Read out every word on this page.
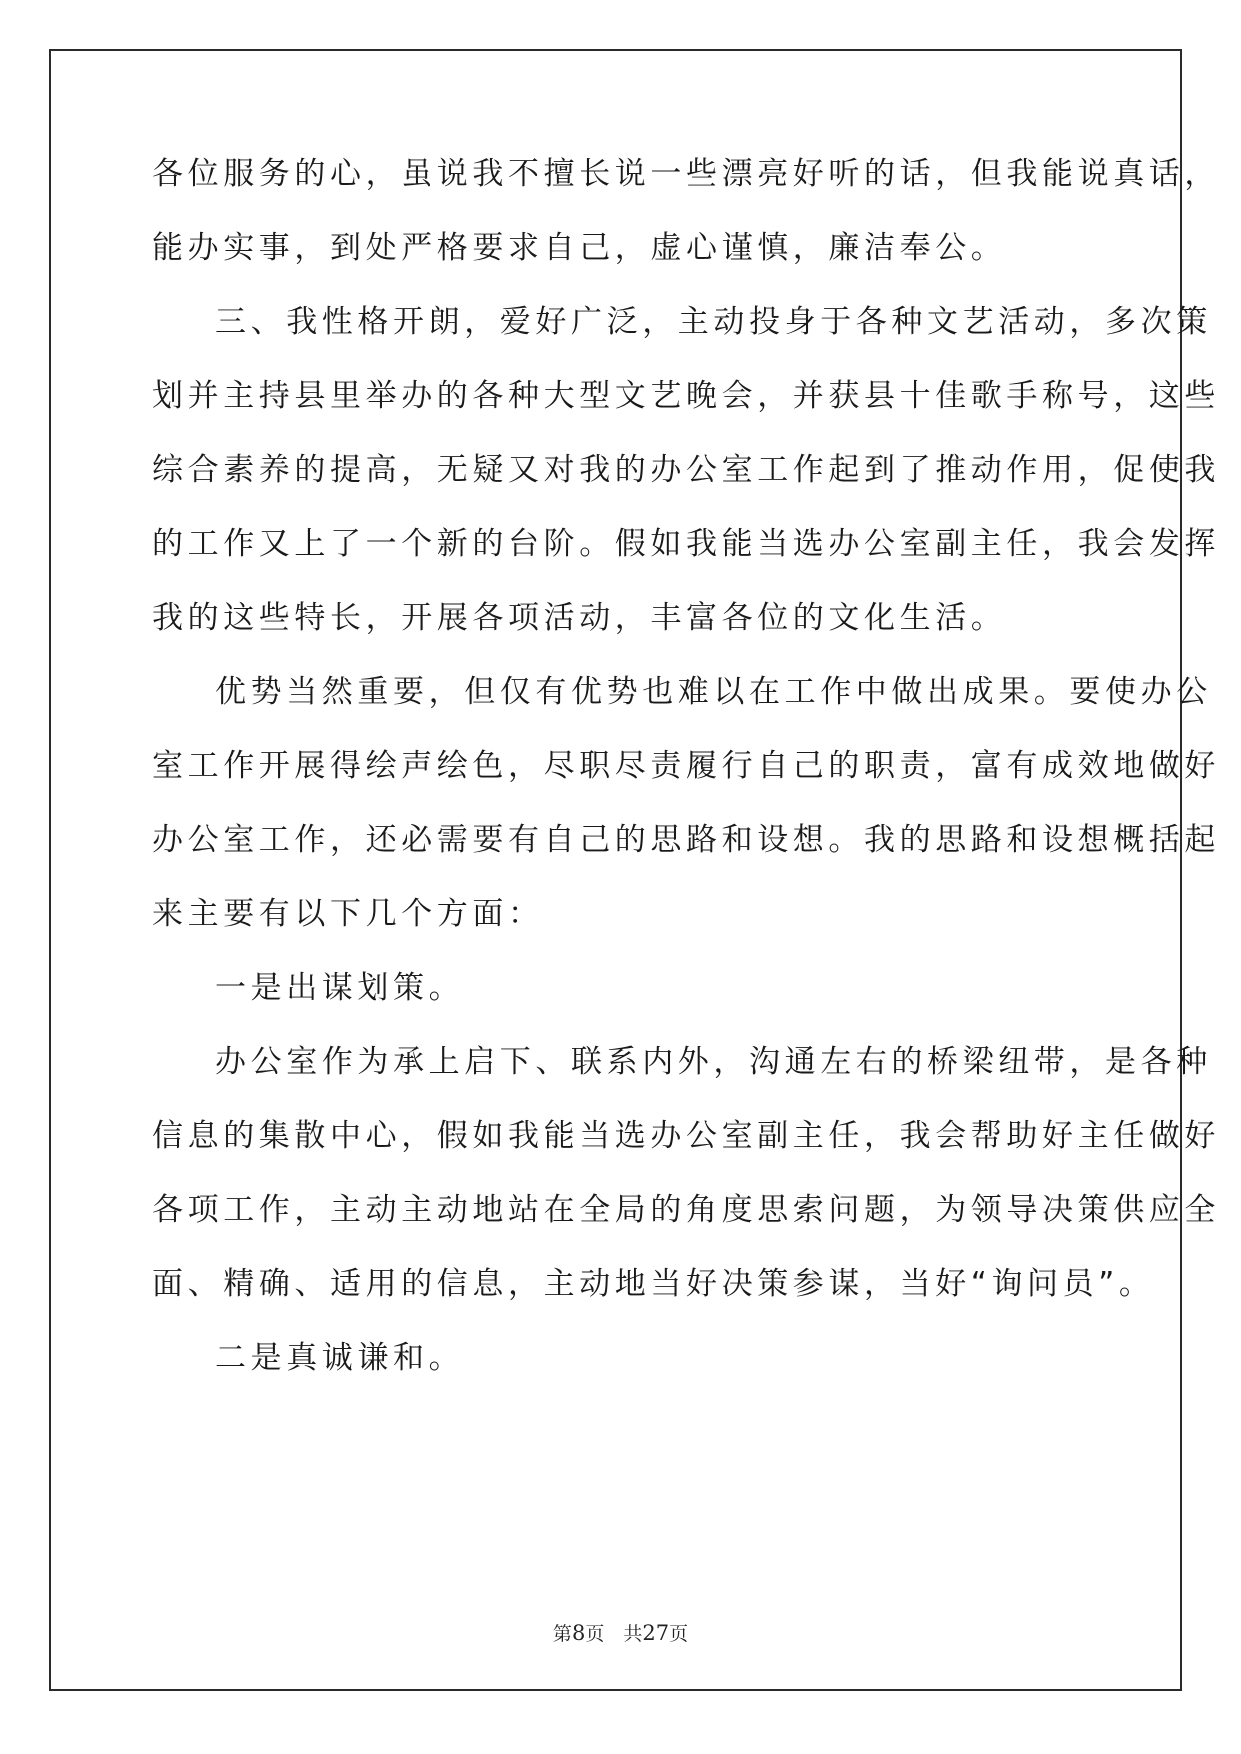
各位服务的心，虽说我不擅长说一些漂亮好听的话，但我能说真话，
能办实事，到处严格要求自己，虚心谨慎，廉洁奉公。
三、我性格开朗，爱好广泛，主动投身于各种文艺活动，多次策
划并主持县里举办的各种大型文艺晚会，并获县十佳歌手称号，这些
综合素养的提高，无疑又对我的办公室工作起到了推动作用，促使我
的工作又上了一个新的台阶。假如我能当选办公室副主任，我会发挥
我的这些特长，开展各项活动，丰富各位的文化生活。
优势当然重要，但仅有优势也难以在工作中做出成果。要使办公
室工作开展得绘声绘色，尽职尽责履行自己的职责，富有成效地做好
办公室工作，还必需要有自己的思路和设想。我的思路和设想概括起
来主要有以下几个方面：
一是出谋划策。
办公室作为承上启下、联系内外，沟通左右的桥梁纽带，是各种
信息的集散中心，假如我能当选办公室副主任，我会帮助好主任做好
各项工作，主动主动地站在全局的角度思索问题，为领导决策供应全
面、精确、适用的信息，主动地当好决策参谋，当好“询问员”。
二是真诚谦和。
第8页　共27页
